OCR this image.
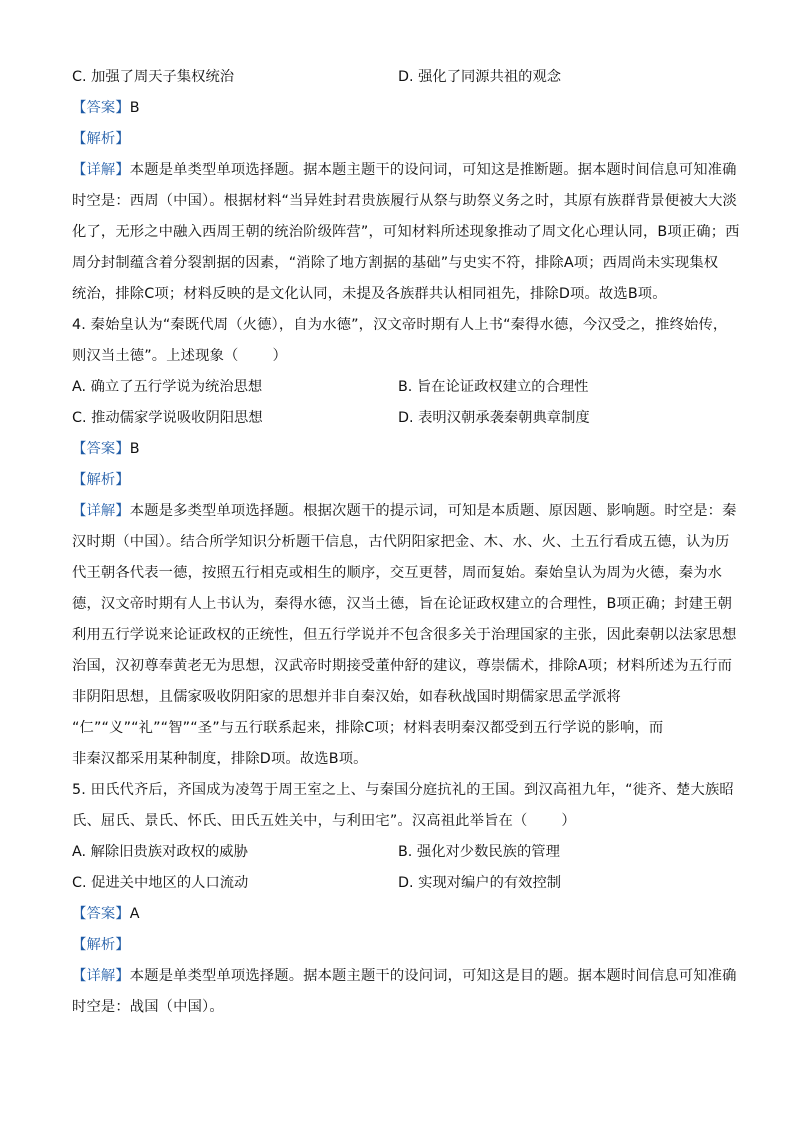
C. 加强了周天子集权统治	D. 强化了同源共祖的观念
【答案】B
【解析】
【详解】本题是单类型单项选择题。据本题主题干的设问词，可知这是推断题。据本题时间信息可知准确
时空是：西周（中国）。根据材料“当异姓封君贵族履行从祭与助祭义务之时，其原有族群背景便被大大淡
化了，无形之中融入西周王朝的统治阶级阵营”，可知材料所述现象推动了周文化心理认同，B项正确；西
周分封制蕴含着分裂割据的因素，“消除了地方割据的基础”与史实不符，排除A项；西周尚未实现集权
统治，排除C项；材料反映的是文化认同，未提及各族群共认相同祖先，排除D项。故选B项。
4. 秦始皇认为“秦既代周（火德），自为水德”，汉文帝时期有人上书“秦得水德，今汉受之，推终始传，
则汉当土德”。上述现象（ ）
A. 确立了五行学说为统治思想	B. 旨在论证政权建立的合理性
C. 推动儒家学说吸收阴阳思想	D. 表明汉朝承袭秦朝典章制度
【答案】B
【解析】
【详解】本题是多类型单项选择题。根据次题干的提示词，可知是本质题、原因题、影响题。时空是：秦
汉时期（中国）。结合所学知识分析题干信息，古代阴阳家把金、木、水、火、土五行看成五德，认为历
代王朝各代表一德，按照五行相克或相生的顺序，交互更替，周而复始。秦始皇认为周为火德，秦为水
德，汉文帝时期有人上书认为，秦得水德，汉当土德，旨在论证政权建立的合理性，B项正确；封建王朝
利用五行学说来论证政权的正统性，但五行学说并不包含很多关于治理国家的主张，因此秦朝以法家思想
治国，汉初尊奉黄老无为思想，汉武帝时期接受董仲舒的建议，尊崇儒术，排除A项；材料所述为五行而
非阴阳思想，且儒家吸收阴阳家的思想并非自秦汉始，如春秋战国时期儒家思孟学派将
“仁”“义”“礼”“智”“圣”与五行联系起来，排除C项；材料表明秦汉都受到五行学说的影响，而
非秦汉都采用某种制度，排除D项。故选B项。
5. 田氏代齐后，齐国成为凌驾于周王室之上、与秦国分庭抗礼的王国。到汉高祖九年，“徙齐、楚大族昭
氏、屈氏、景氏、怀氏、田氏五姓关中，与利田宅”。汉高祖此举旨在（ ）
A. 解除旧贵族对政权的威胁	B. 强化对少数民族的管理
C. 促进关中地区的人口流动	D. 实现对编户的有效控制
【答案】A
【解析】
【详解】本题是单类型单项选择题。据本题主题干的设问词，可知这是目的题。据本题时间信息可知准确
时空是：战国（中国）。
